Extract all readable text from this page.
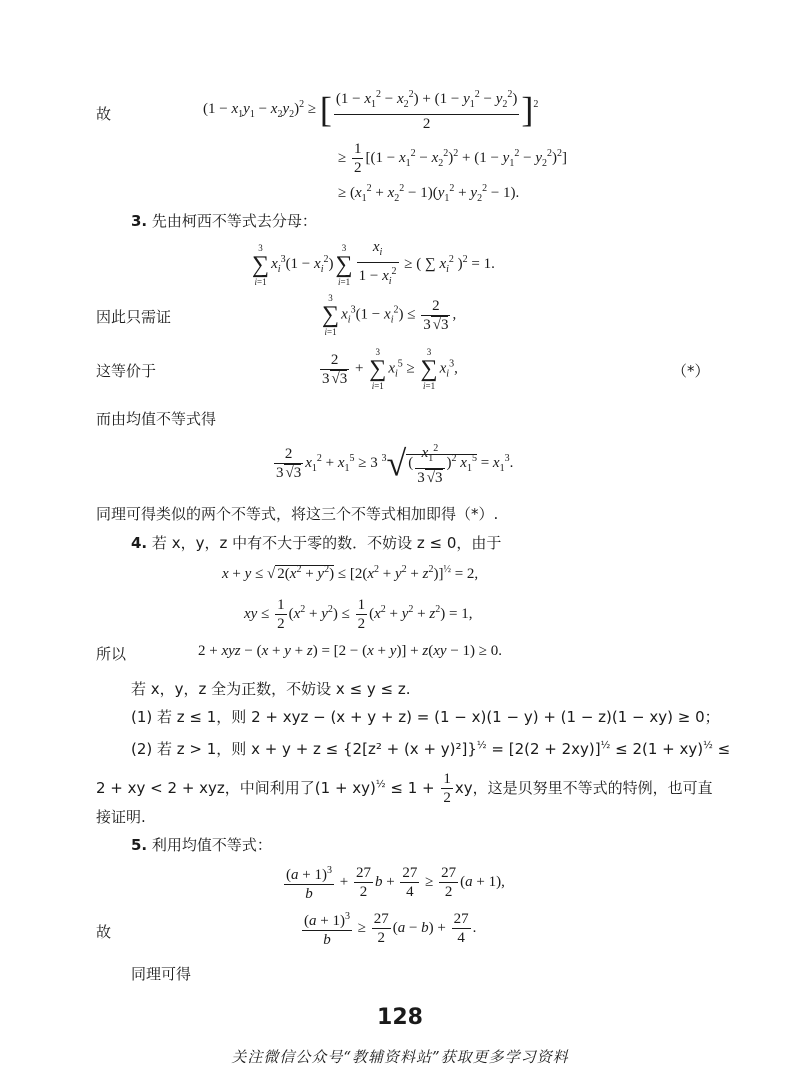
故	$(1 - x_1y_1 - x_2y_2)^2$ ≥ [ $\frac{(1 - x_1^2 - x_2^2) + (1 - y_1^2 - y_2^2)}{2} ]^2$
≥ $\frac{1}{2} [(1 - x_1^2 - x_2^2)^2 + (1 - y_1^2 - y_2^2)^2]$
≥ $(x_1^2 + x_2^2 - 1)(y_1^2 + y_2^2 - 1)$.
3. 先由柯西不等式去分母：
3
∑
i=1
$x_i^3(1 - x_i^2)$
3
∑
$i=1 \frac{x_i}{1 - x_i^2}$ ≥ ( ∑ $x_i^2$ )$^2$ = 1.
因此只需证
3
∑
i=1
$x_i^3(1 - x_i^2) \le \frac{2}{3 √3}$ ,
这等价于	$\frac{2}{3 √3}$ +
3
∑
i=1
$x_i^5$ ≥
3
∑
i=1
$x_i^3$,	（*）
而由均值不等式得
$\frac{2}{3 √3} x_1^2 + x_1^5 \ge 3$ $^3$√ ( $\frac{x_1^2}{3 √3} )^2$ $x_1^5 = x_1^3$.
同理可得类似的两个不等式，将这三个不等式相加即得（*）.
4. 若 x，y，z 中有不大于零的数．不妨设 z ≤ 0，由于
x + y ≤ √ $2(x^2 + y^2) \le [2(x^2 + y^2 + z^2)]^{\frac{1}{2}} = 2$,
xy ≤ $\frac{1}{2} (x^2 + y^2) \le \frac{1}{2} (x^2 + y^2 + z^2) = 1$,
所以	2 + xyz − (x + y + z) = [2 − (x + y)] + z(xy − 1) ≥ 0.
若 x，y，z 全为正数，不妨设 x ≤ y ≤ z.
(1) 若 z ≤ 1，则 2 + xyz − (x + y + z) = (1 − x)(1 − y) + (1 − z)(1 − xy) ≥ 0；
(2) 若 z > 1，则 $x + y + z \le \{2[z^2 + (x + y)^2]\}^{\frac{1}{2}} = [2(2 + 2xy)]^{\frac{1}{2}} \le 2(1 + xy)^{\frac{1}{2}}$ ≤
2 + xy < 2 + xyz，中间利用了$(1 + xy)^{\frac{1}{2}} \le 1 + \frac{1}{2}$ xy，这是贝努里不等式的特例，也可直
接证明.
5. 利用均值不等式：
$\frac{(a + 1)^3}{b} + \frac{27}{2}$ $b + \frac{27}{4} \ge \frac{27}{2} (a + 1)$,
故	$\frac{(a + 1)^3}{b} \ge \frac{27}{2} (a - b) + \frac{27}{4}$ .
同理可得
128
关注微信公众号“教辅资料站”获取更多学习资料
